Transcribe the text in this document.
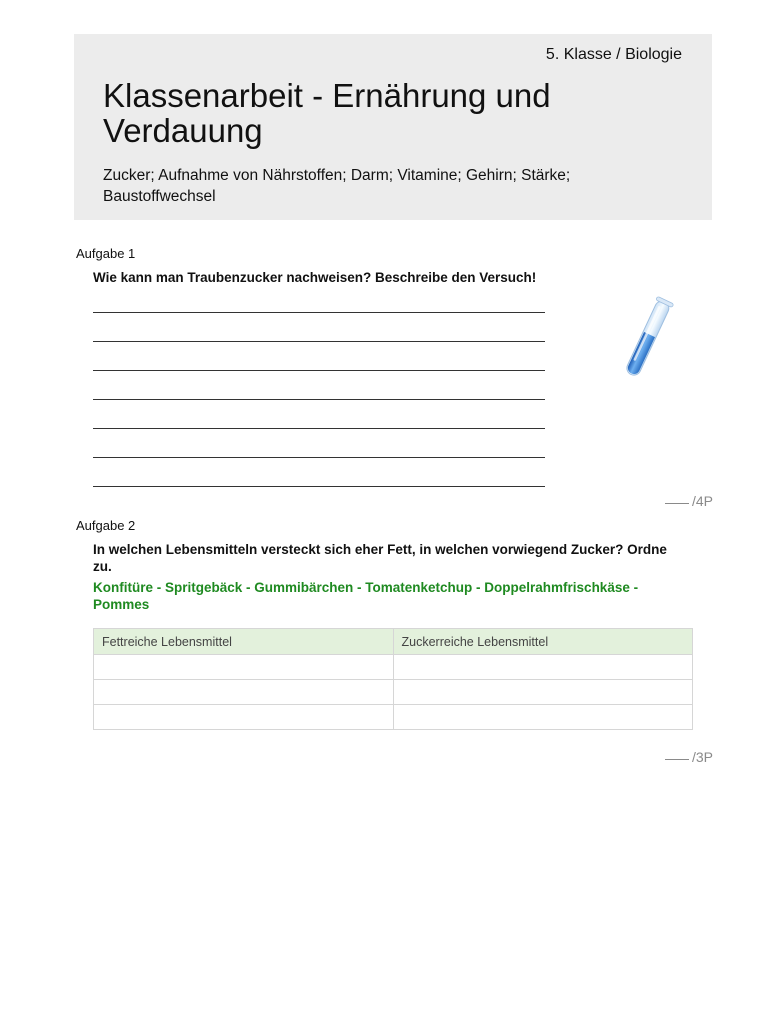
5. Klasse / Biologie
Klassenarbeit - Ernährung und Verdauung
Zucker; Aufnahme von Nährstoffen; Darm; Vitamine; Gehirn; Stärke; Baustoffwechsel
Aufgabe 1
Wie kann man Traubenzucker nachweisen? Beschreibe den Versuch!
/4P
Aufgabe 2
In welchen Lebensmitteln versteckt sich eher Fett, in welchen vorwiegend Zucker? Ordne zu.
Konfitüre - Spritgebäck - Gummibärchen - Tomatenketchup - Doppelrahmfrischkäse - Pommes
Fettreiche Lebensmittel	Zuckerreiche Lebensmittel

/3P
